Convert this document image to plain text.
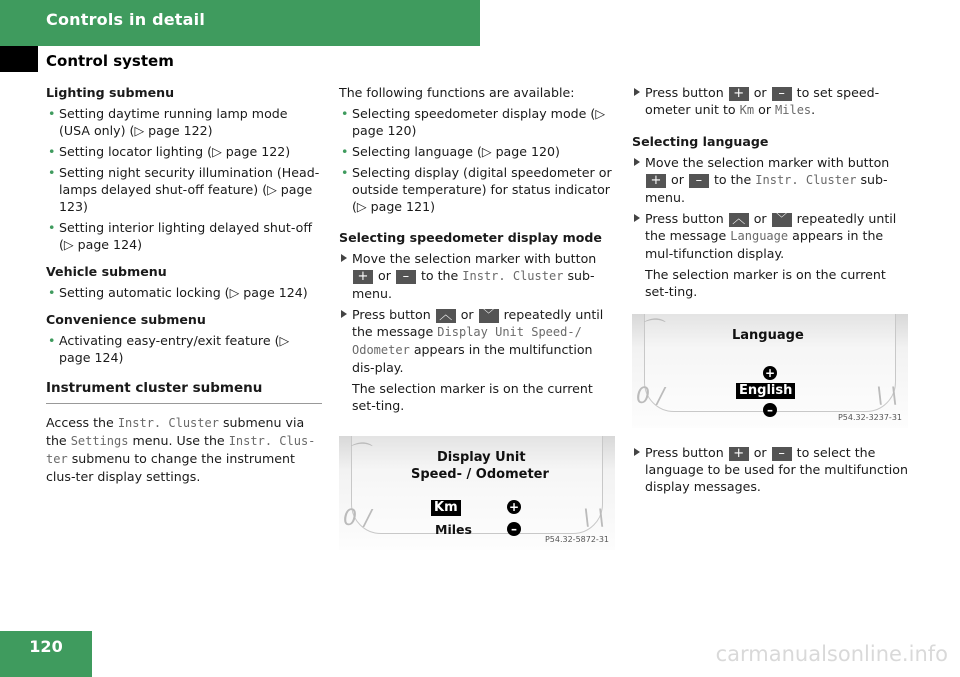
Controls in detail
Control system
Lighting submenu
• Setting daytime running lamp mode (USA only) (▷ page 122)
• Setting locator lighting (▷ page 122)
• Setting night security illumination (Head-lamps delayed shut-off feature) (▷ page 123)
• Setting interior lighting delayed shut-off (▷ page 124)
Vehicle submenu
• Setting automatic locking (▷ page 124)
Convenience submenu
• Activating easy-entry/exit feature (▷ page 124)
Instrument cluster submenu
Access the Instr. Cluster submenu via the Settings menu. Use the Instr. Clus-ter submenu to change the instrument clus-ter display settings.
The following functions are available:
• Selecting speedometer display mode (▷ page 120)
• Selecting language (▷ page 120)
• Selecting display (digital speedometer or outside temperature) for status indicator (▷ page 121)
Selecting speedometer display mode
Move the selection marker with button + or – to the Instr. Cluster sub-menu.
Press button ︿ or ﹀ repeatedly until the message Display Unit Speed-/ Odometer appears in the multifunction dis-play.
The selection marker is on the current set-ting.
⌒
0 ∕	\ \
Display Unit
Speed- / Odometer
Km
Miles
+
–
P54.32-5872-31
Press button + or – to set speed-ometer unit to Km or Miles.
Selecting language
Move the selection marker with button + or – to the Instr. Cluster sub-menu.
Press button ︿ or ﹀ repeatedly until the message Language appears in the mul-tifunction display.
The selection marker is on the current set-ting.
⌒
0 ∕	\ \
Language
+
English
–
P54.32-3237-31
Press button + or – to select the language to be used for the multifunction display messages.
120	carmanualsonline.info
